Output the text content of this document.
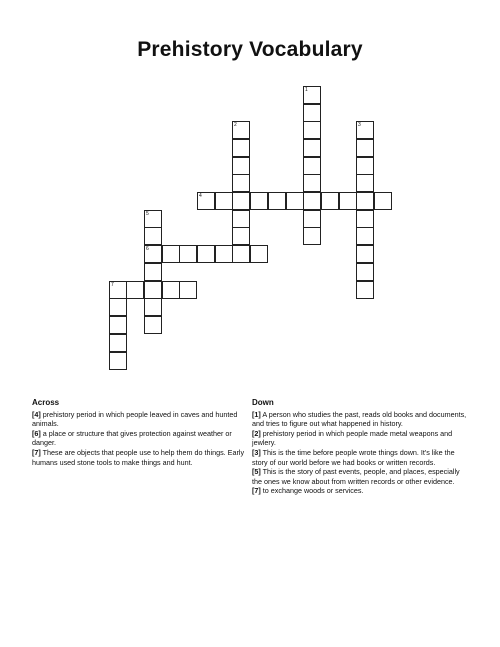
Prehistory Vocabulary
1
2	3
4
5
6
7
Across

[4] prehistory period in which people leaved in caves and hunted animals.

[6] a place or structure that gives protection against weather or danger.

[7] These are objects that people use to help them do things. Early humans used stone tools to make things and hunt.

Down

[1] A person who studies the past, reads old books and documents, and tries to figure out what happened in history.

[2] prehistory period in which people made metal weapons and jewlery.

[3] This is the time before people wrote things down. It's like the story of our world before we had books or written records.

[5] This is the story of past events, people, and places, especially the ones we know about from written records or other evidence.

[7] to exchange woods or services.
